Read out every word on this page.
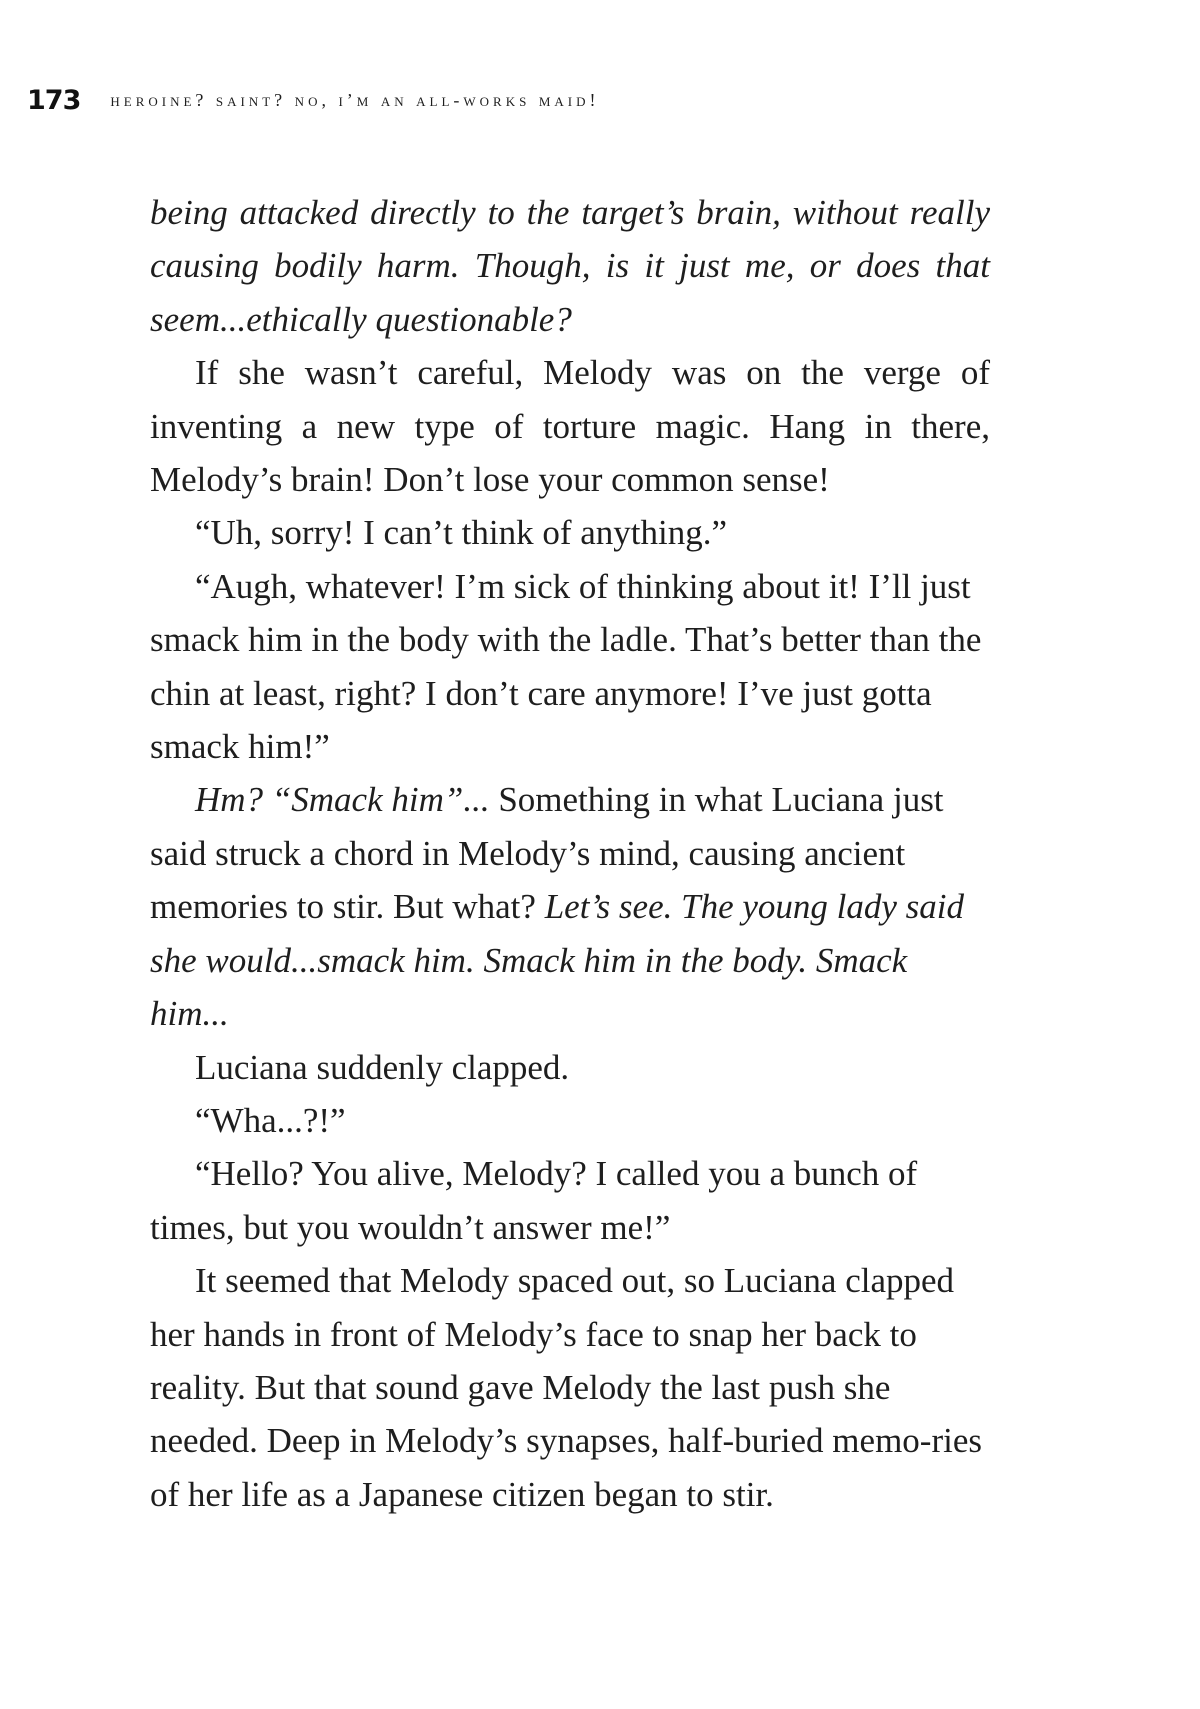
173 heroine? saint? no, i’m an all-works maid!

being attacked directly to the target’s brain, without really causing bodily harm. Though, is it just me, or does that seem...ethically questionable?

If she wasn’t careful, Melody was on the verge of inventing a new type of torture magic. Hang in there, Melody’s brain! Don’t lose your common sense!

“Uh, sorry! I can’t think of anything.”

“Augh, whatever! I’m sick of thinking about it! I’ll just smack him in the body with the ladle. That’s better than the chin at least, right? I don’t care anymore! I’ve just gotta smack him!”

Hm? “Smack him”... Something in what Luciana just said struck a chord in Melody’s mind, causing ancient memories to stir. But what? Let’s see. The young lady said she would...smack him. Smack him in the body. Smack him...

Luciana suddenly clapped.

“Wha...?!”

“Hello? You alive, Melody? I called you a bunch of times, but you wouldn’t answer me!”

It seemed that Melody spaced out, so Luciana clapped her hands in front of Melody’s face to snap her back to reality. But that sound gave Melody the last push she needed. Deep in Melody’s synapses, half-buried memo-ries of her life as a Japanese citizen began to stir.
